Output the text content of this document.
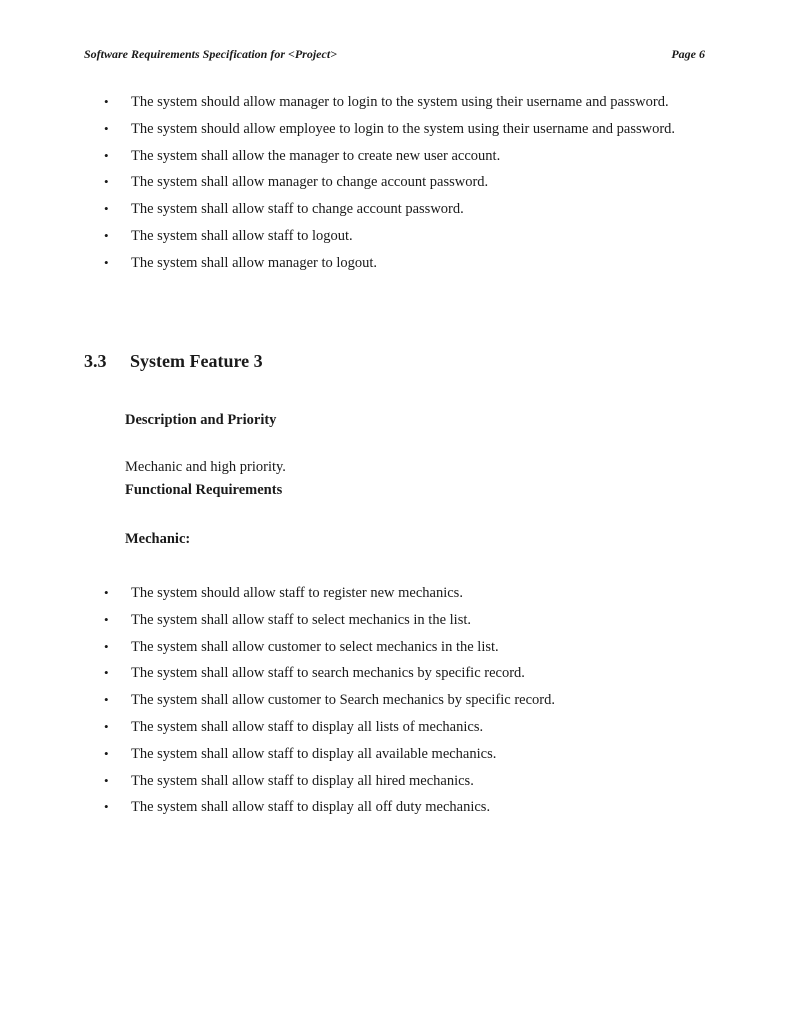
Software Requirements Specification for <Project>	Page 6
• The system should allow manager to login to the system using their username and password.
• The system should allow employee to login to the system using their username and password.
• The system shall allow the manager to create new user account.
• The system shall allow manager to change account password.
• The system shall allow staff to change account password.
• The system shall allow staff to logout.
• The system shall allow manager to logout.
3.3 System Feature 3
Description and Priority
Mechanic and high priority.
Functional Requirements
Mechanic:
• The system should allow staff to register new mechanics.
• The system shall allow staff to select mechanics in the list.
• The system shall allow customer to select mechanics in the list.
• The system shall allow staff to search mechanics by specific record.
• The system shall allow customer to Search mechanics by specific record.
• The system shall allow staff to display all lists of mechanics.
• The system shall allow staff to display all available mechanics.
• The system shall allow staff to display all hired mechanics.
• The system shall allow staff to display all off duty mechanics.
